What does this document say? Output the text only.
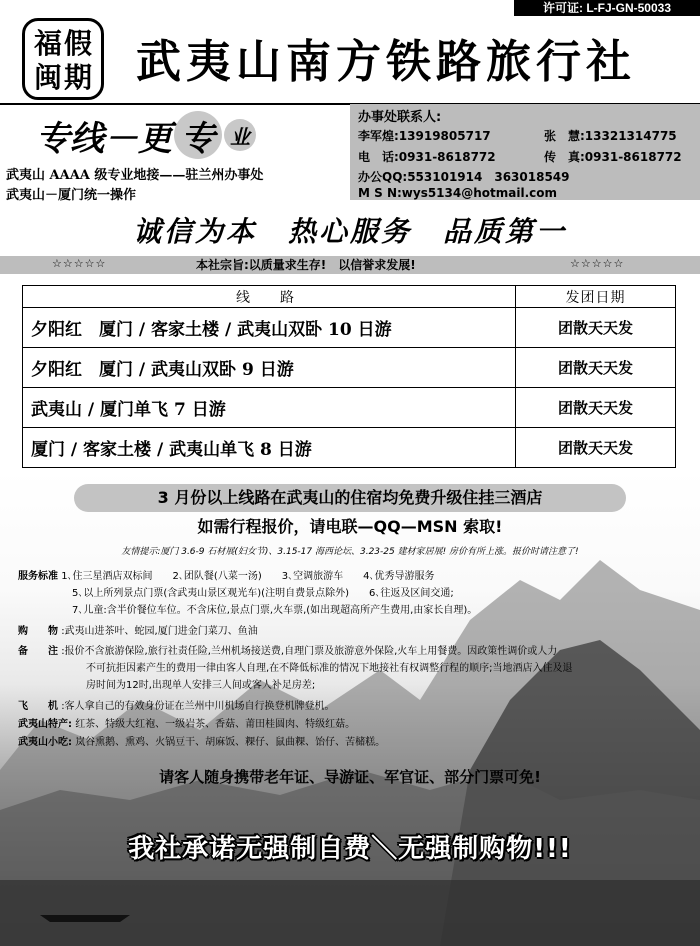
许可证: L-FJ-GN-50033
福 假
闽 期 武夷山南方铁路旅行社
办事处联系人:
李军煌:13919805717
电　话:0931-8618772
办公QQ:553101914　363018549
M S N:wys5134@hotmail.com
张　慧:13321314775
传　真:0931-8618772
专线－更 专 业
武夷山 AAAA 级专业地接——驻兰州办事处
武夷山－厦门统一操作
诚信为本　热心服务　品质第一
☆☆☆☆☆	☆☆☆☆☆
本社宗旨:以质量求生存!　以信誉求发展!
线　路	发团日期
夕阳红　厦门 / 客家土楼 / 武夷山双卧 10 日游	团散天天发
夕阳红　厦门 / 武夷山双卧 9 日游	团散天天发
武夷山 / 厦门单飞 7 日游	团散天天发
厦门 / 客家土楼 / 武夷山单飞 8 日游	团散天天发
3 月份以上线路在武夷山的住宿均免费升级住挂三酒店
如需行程报价，请电联—QQ—MSN 索取!
友情提示:厦门 3.6-9 石材展(妇女节)、3.15-17 海西论坛、3.23-25 建材家居展! 房价有所上涨。报价时请注意了!
服务标准 1､住三星酒店双标间　　2､团队餐(八菜一汤)　　3､空调旅游车　　4､优秀导游服务
5､以上所列景点门票(含武夷山景区观光车)(注明自费景点除外)　　6､往返及区间交通;
7､儿童:含半价餐位车位。不含床位,景点门票,火车票,(如出现超高所产生费用,由家长自理)。
购　　物 :武夷山进茶叶、蛇园,厦门进金门菜刀、鱼油
备　　注 :报价不含旅游保险,旅行社责任险,兰州机场接送费,自理门票及旅游意外保险,火车上用餐费。因政策性调价或人力
不可抗拒因素产生的费用一律由客人自理,在不降低标准的情况下地接社有权调整行程的顺序;当地酒店入住及退
房时间为12时,出现单人安排三人间或客人补足房差;
飞　　机 :客人拿自己的有效身份证在兰州中川机场自行换登机牌登机。
武夷山特产: 红茶、特级大红袍、一级岩茶、香菇、莆田桂圆肉、特级红菇。
武夷山小吃: 岚谷熏鹅、熏鸡、火锅豆干、胡麻饭、粿仔、鼠曲粿、饴仔、苦槠糕。
请客人随身携带老年证、导游证、军官证、部分门票可免!
我社承诺无强制自费＼无强制购物!!!
